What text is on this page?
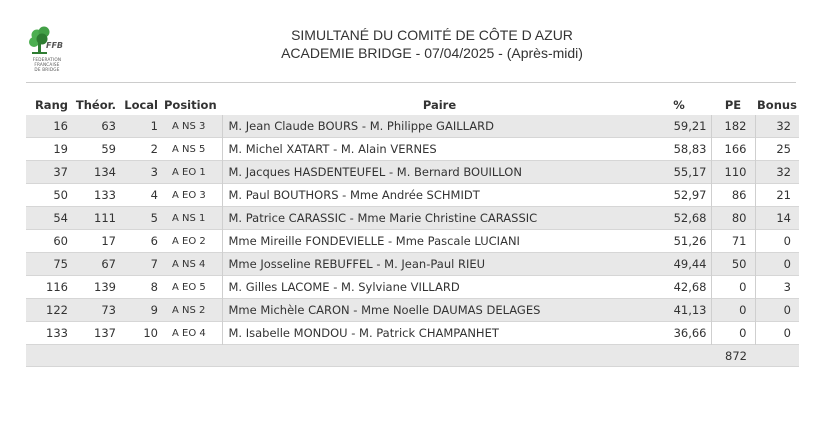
FFB
FEDERATION
FRANCAISE
DE BRIDGE
SIMULTANÉ DU COMITÉ DE CÔTE D AZUR
ACADEMIE BRIDGE - 07/04/2025 - (Après-midi)
Rang	Théor.	Local	Position	Paire	%	PE	Bonus
16	63	1	A NS 3	M. Jean Claude BOURS - M. Philippe GAILLARD	59,21	182	32
19	59	2	A NS 5	M. Michel XATART - M. Alain VERNES	58,83	166	25
37	134	3	A EO 1	M. Jacques HASDENTEUFEL - M. Bernard BOUILLON	55,17	110	32
50	133	4	A EO 3	M. Paul BOUTHORS - Mme Andrée SCHMIDT	52,97	86	21
54	111	5	A NS 1	M. Patrice CARASSIC - Mme Marie Christine CARASSIC	52,68	80	14
60	17	6	A EO 2	Mme Mireille FONDEVIELLE - Mme Pascale LUCIANI	51,26	71	0
75	67	7	A NS 4	Mme Josseline REBUFFEL - M. Jean-Paul RIEU	49,44	50	0
116	139	8	A EO 5	M. Gilles LACOME - M. Sylviane VILLARD	42,68	0	3
122	73	9	A NS 2	Mme Michèle CARON - Mme Noelle DAUMAS DELAGES	41,13	0	0
133	137	10	A EO 4	M. Isabelle MONDOU - M. Patrick CHAMPANHET	36,66	0	0
						872	
